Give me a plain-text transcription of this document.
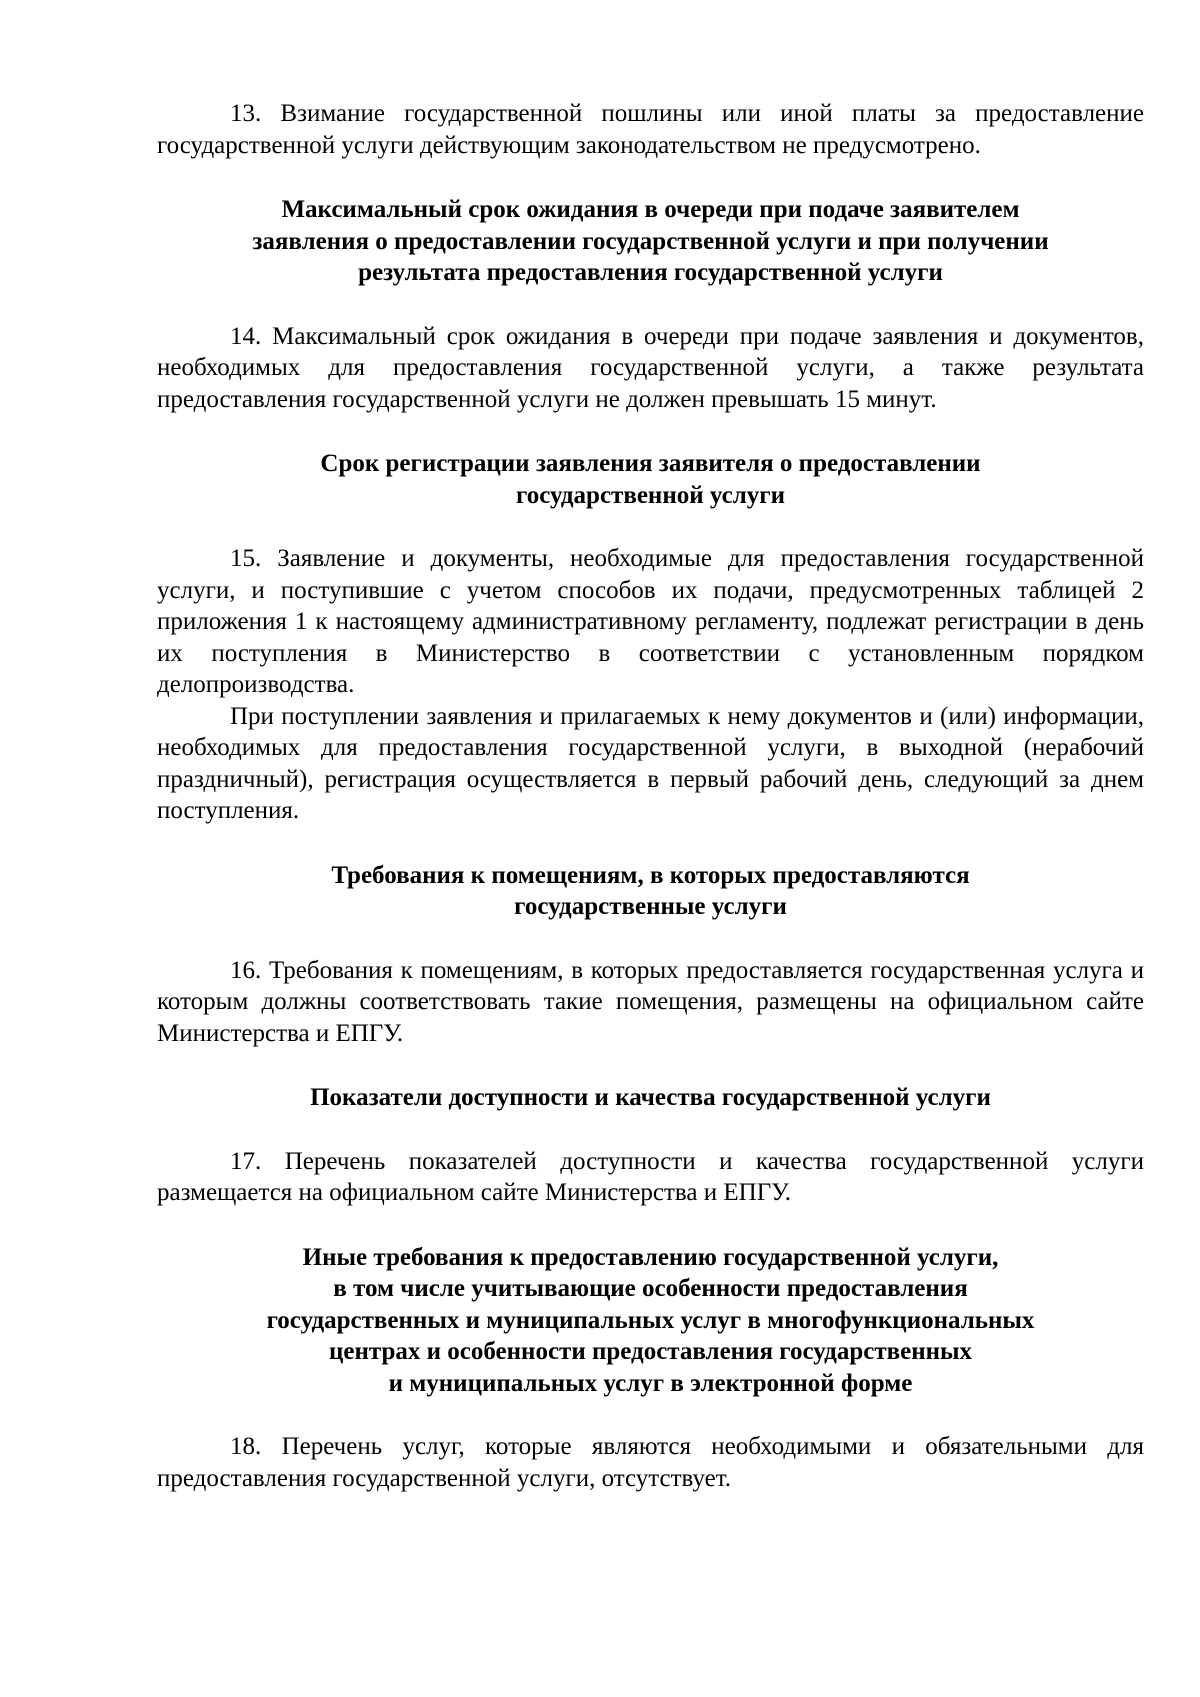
13. Взимание государственной пошлины или иной платы за предоставление государственной услуги действующим законодательством не предусмотрено.

Максимальный срок ожидания в очереди при подаче заявителем
заявления о предоставлении государственной услуги и при получении
результата предоставления государственной услуги

14. Максимальный срок ожидания в очереди при подаче заявления и документов, необходимых для предоставления государственной услуги, а также результата предоставления государственной услуги не должен превышать 15 минут.

Срок регистрации заявления заявителя о предоставлении
государственной услуги

15. Заявление и документы, необходимые для предоставления государственной услуги, и поступившие с учетом способов их подачи, предусмотренных таблицей 2 приложения 1 к настоящему административному регламенту, подлежат регистрации в день их поступления в Министерство в соответствии с установленным порядком делопроизводства.

При поступлении заявления и прилагаемых к нему документов и (или) информации, необходимых для предоставления государственной услуги, в выходной (нерабочий праздничный), регистрация осуществляется в первый рабочий день, следующий за днем поступления.

Требования к помещениям, в которых предоставляются
государственные услуги

16. Требования к помещениям, в которых предоставляется государственная услуга и которым должны соответствовать такие помещения, размещены на официальном сайте Министерства и ЕПГУ.

Показатели доступности и качества государственной услуги

17. Перечень показателей доступности и качества государственной услуги размещается на официальном сайте Министерства и ЕПГУ.

Иные требования к предоставлению государственной услуги,
в том числе учитывающие особенности предоставления
государственных и муниципальных услуг в многофункциональных
центрах и особенности предоставления государственных
и муниципальных услуг в электронной форме

18. Перечень услуг, которые являются необходимыми и обязательными для предоставления государственной услуги, отсутствует.
